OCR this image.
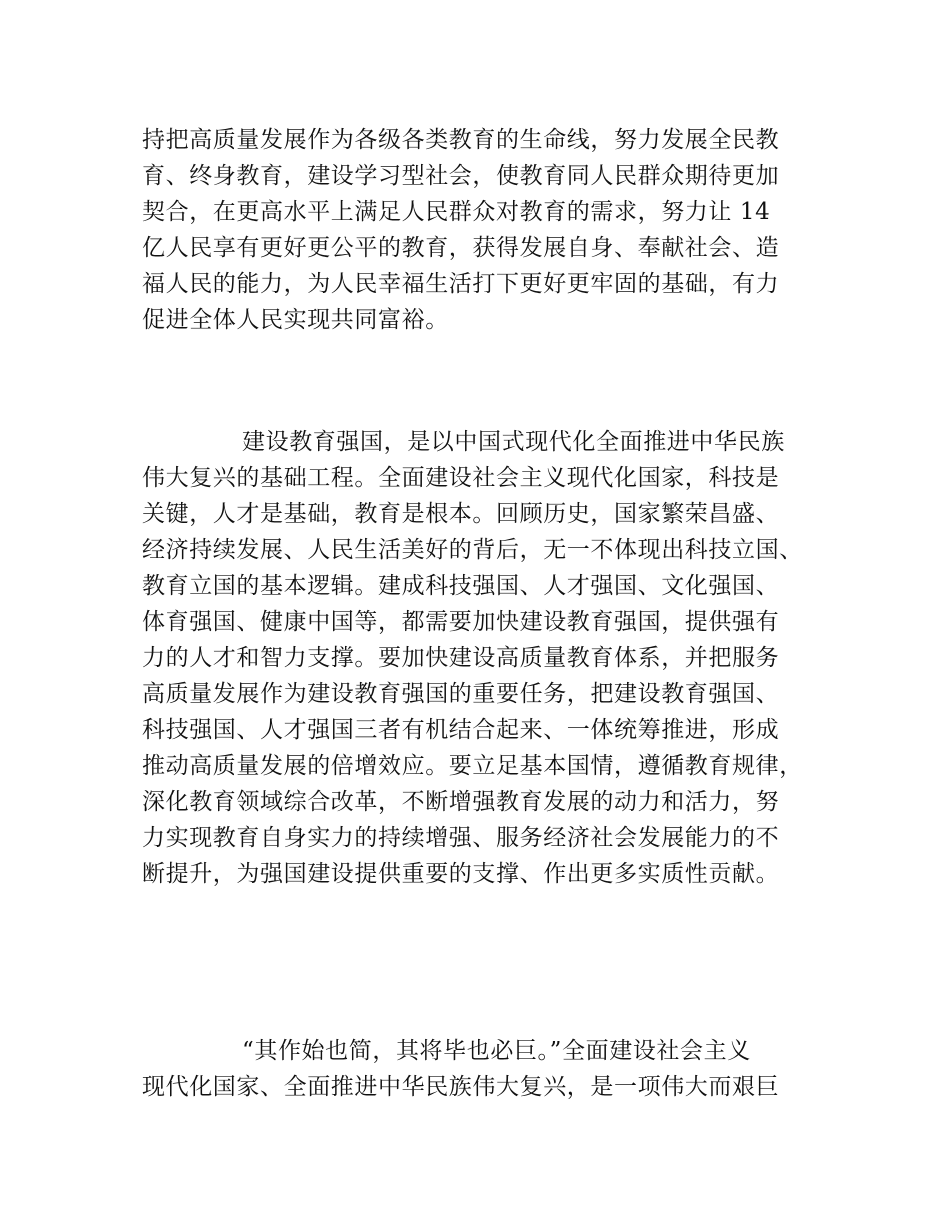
持把高质量发展作为各级各类教育的生命线，努力发展全民教
育、终身教育，建设学习型社会，使教育同人民群众期待更加
契合，在更高水平上满足人民群众对教育的需求，努力让 14
亿人民享有更好更公平的教育，获得发展自身、奉献社会、造
福人民的能力，为人民幸福生活打下更好更牢固的基础，有力
促进全体人民实现共同富裕。
建设教育强国，是以中国式现代化全面推进中华民族
伟大复兴的基础工程。全面建设社会主义现代化国家，科技是
关键，人才是基础，教育是根本。回顾历史，国家繁荣昌盛、
经济持续发展、人民生活美好的背后，无一不体现出科技立国、
教育立国的基本逻辑。建成科技强国、人才强国、文化强国、
体育强国、健康中国等，都需要加快建设教育强国，提供强有
力的人才和智力支撑。要加快建设高质量教育体系，并把服务
高质量发展作为建设教育强国的重要任务，把建设教育强国、
科技强国、人才强国三者有机结合起来、一体统筹推进，形成
推动高质量发展的倍增效应。要立足基本国情，遵循教育规律，
深化教育领域综合改革，不断增强教育发展的动力和活力，努
力实现教育自身实力的持续增强、服务经济社会发展能力的不
断提升，为强国建设提供重要的支撑、作出更多实质性贡献。
“其作始也简，其将毕也必巨。”全面建设社会主义
现代化国家、全面推进中华民族伟大复兴，是一项伟大而艰巨
